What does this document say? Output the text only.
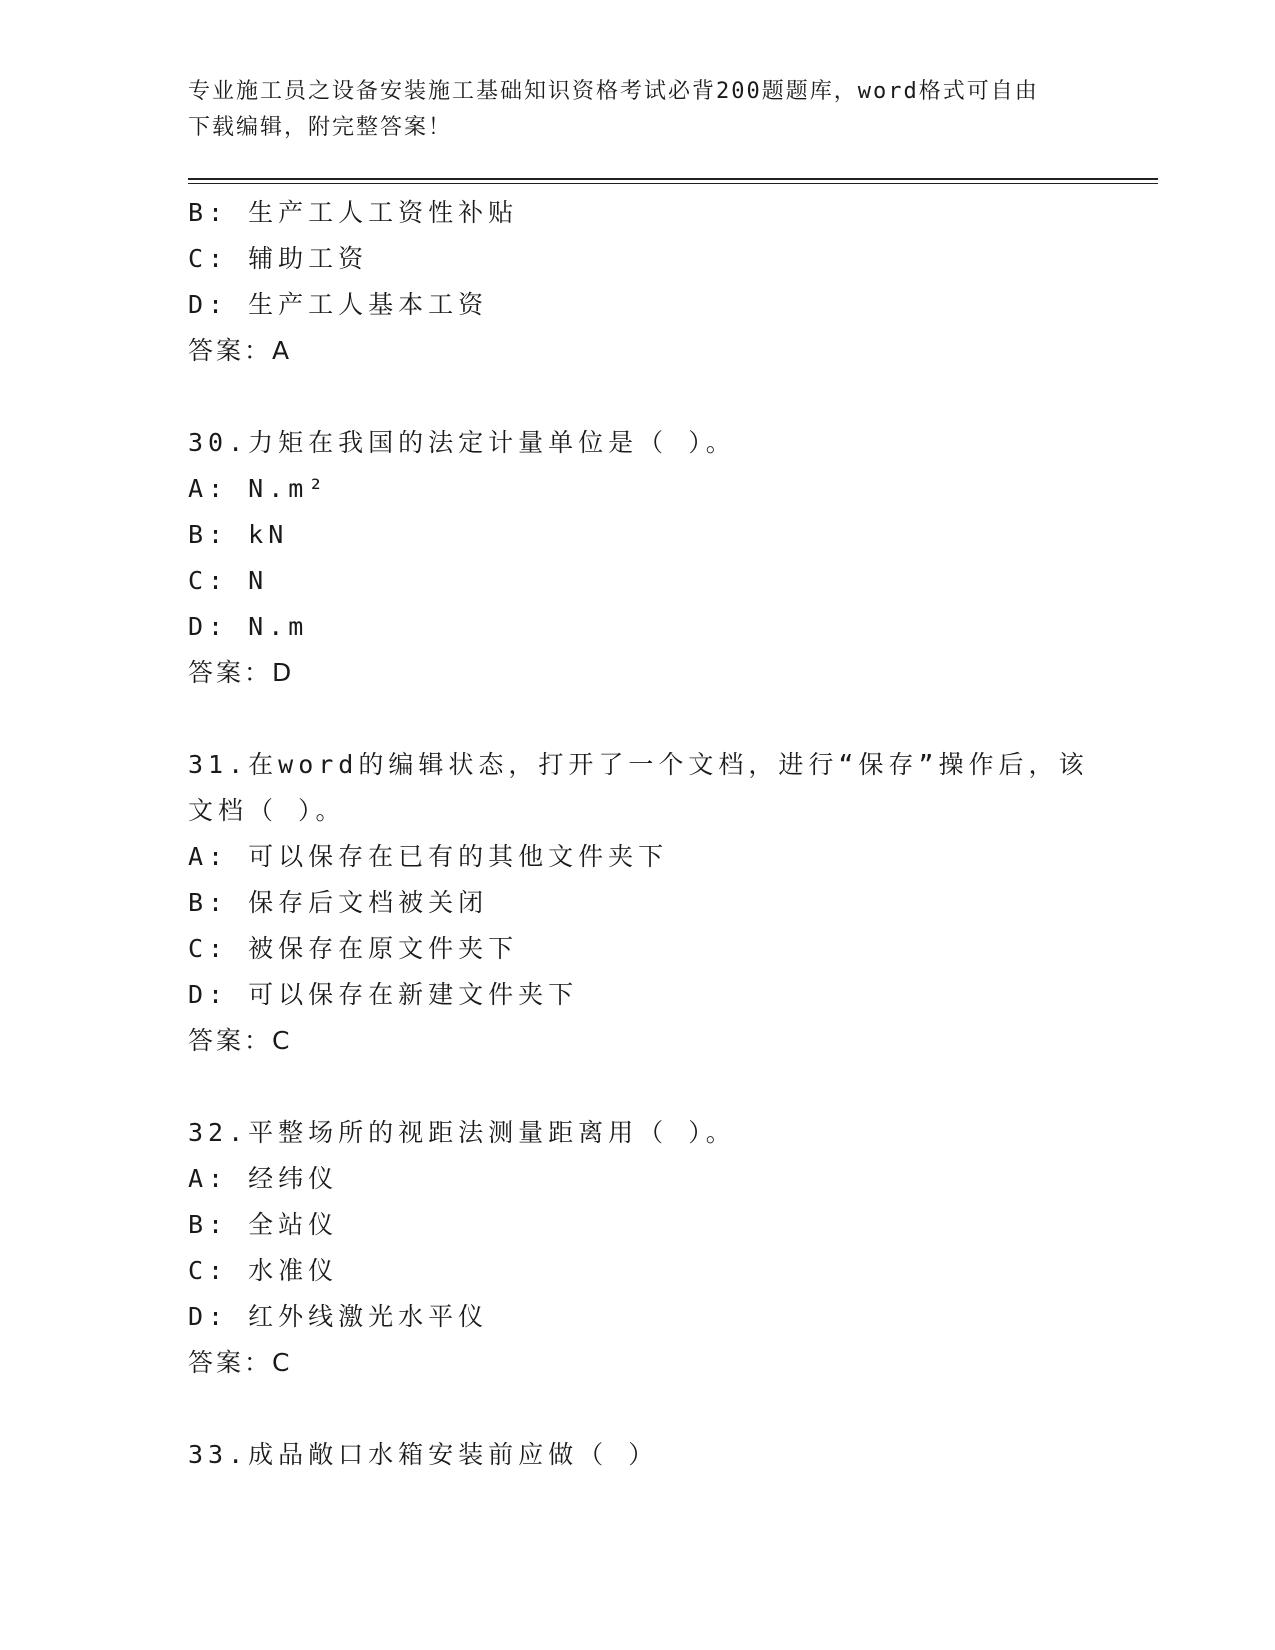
专业施工员之设备安装施工基础知识资格考试必背200题题库，word格式可自由
下载编辑，附完整答案！
B: 生产工人工资性补贴
C: 辅助工资
D: 生产工人基本工资
答案：A
30.力矩在我国的法定计量单位是（ ）。
A: N.m²
B: kN
C: N
D: N.m
答案：D
31.在word的编辑状态，打开了一个文档，进行“保存”操作后，该
文档（ ）。
A: 可以保存在已有的其他文件夹下
B: 保存后文档被关闭
C: 被保存在原文件夹下
D: 可以保存在新建文件夹下
答案：C
32.平整场所的视距法测量距离用（ ）。
A: 经纬仪
B: 全站仪
C: 水准仪
D: 红外线激光水平仪
答案：C
33.成品敞口水箱安装前应做（ ）
